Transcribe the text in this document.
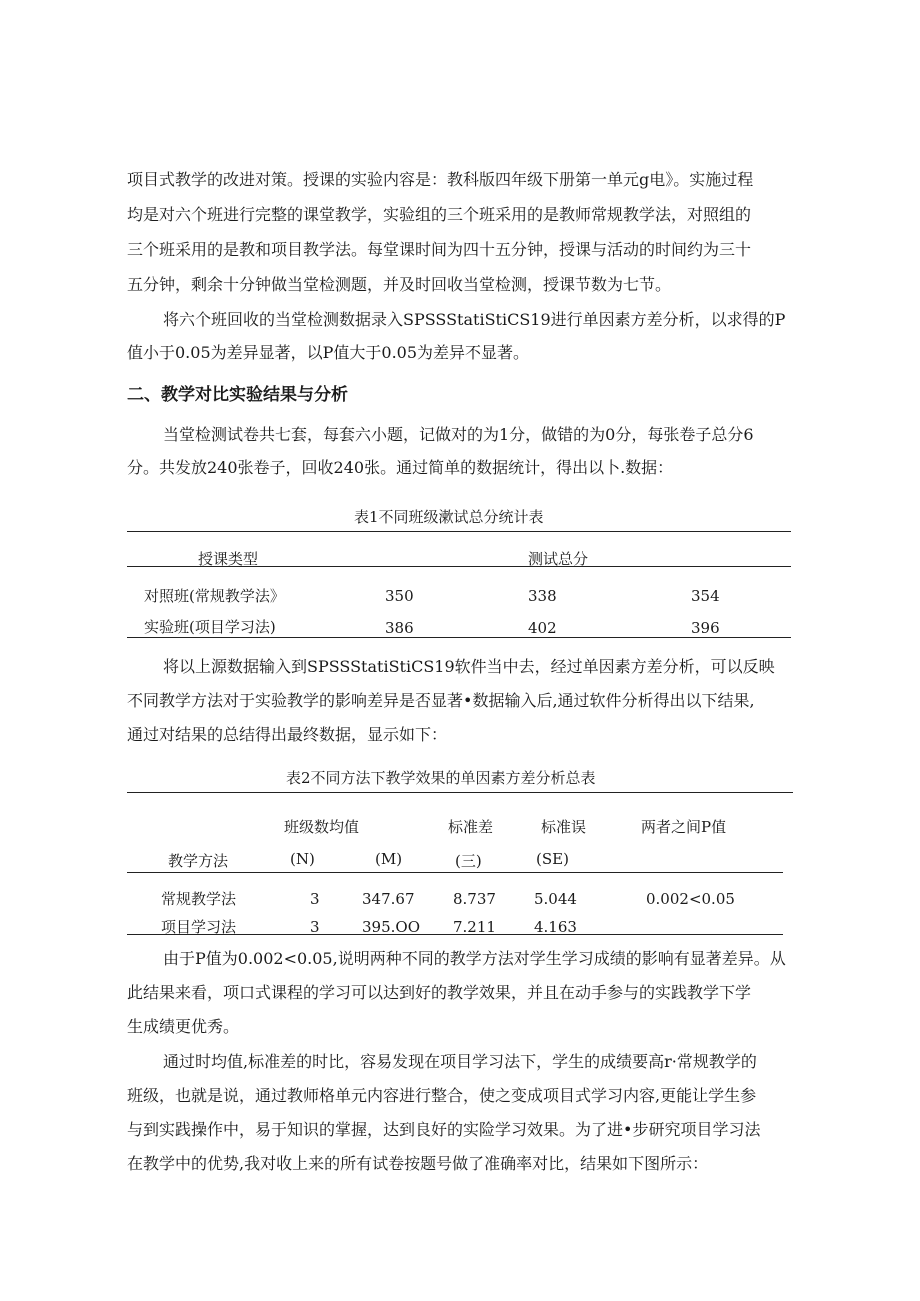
项目式教学的改进对策。授课的实验内容是：教科版四年级下册第一单元g电》。实施过程
均是对六个班进行完整的课堂教学，实验组的三个班采用的是教师常规教学法，对照组的
三个班采用的是教和项目教学法。每堂课时间为四十五分钟，授课与活动的时间约为三十
五分钟，剩余十分钟做当堂检测题，并及时回收当堂检测，授课节数为七节。
将六个班回收的当堂检测数据录入SPSSStatiStiCS19进行单因素方差分析，以求得的P
值小于0.05为差异显著，以P值大于0.05为差异不显著。
二、教学对比实验结果与分析
当堂检测试卷共七套，每套六小题，记做对的为1分，做错的为0分，每张卷子总分6
分。共发放240张卷子，回收240张。通过简单的数据统计，得出以卜.数据：
表1不同班级漱试总分统计表
授课类型	测试总分
对照班(常规教学法》	350	338	354
实验班(项目学习法)	386	402	396
将以上源数据输入到SPSSStatiStiCS19软件当中去，经过单因素方差分析，可以反映
不同教学方法对于实验教学的影响差异是否显著•数据输入后,通过软件分析得出以下结果,
通过对结果的总结得出最终数据，显示如下：
表2不同方法下教学效果的单因素方差分析总表
班级数均值	标准差	标准误	两者之间P值
教学方法	(N)	(M)	(三)	(SE)
常规教学法	3	347.67	8.737	5.044	0.002<0.05
项目学习法	3	395.OO 7.211	4.163
由于P值为0.002<0.05,说明两种不同的教学方法对学生学习成绩的影响有显著差异。从
此结果来看，项口式课程的学习可以达到好的教学效果，并且在动手参与的实践教学下学
生成绩更优秀。
通过时均值,标准差的时比，容易发现在项目学习法下，学生的成绩要高r·常规教学的
班级，也就是说，通过教师格单元内容进行整合，使之变成项目式学习内容,更能让学生参
与到实践操作中，易于知识的掌握，达到良好的实险学习效果。为了进•步研究项目学习法
在教学中的优势,我对收上来的所有试卷按题号做了准确率对比，结果如下图所示：
